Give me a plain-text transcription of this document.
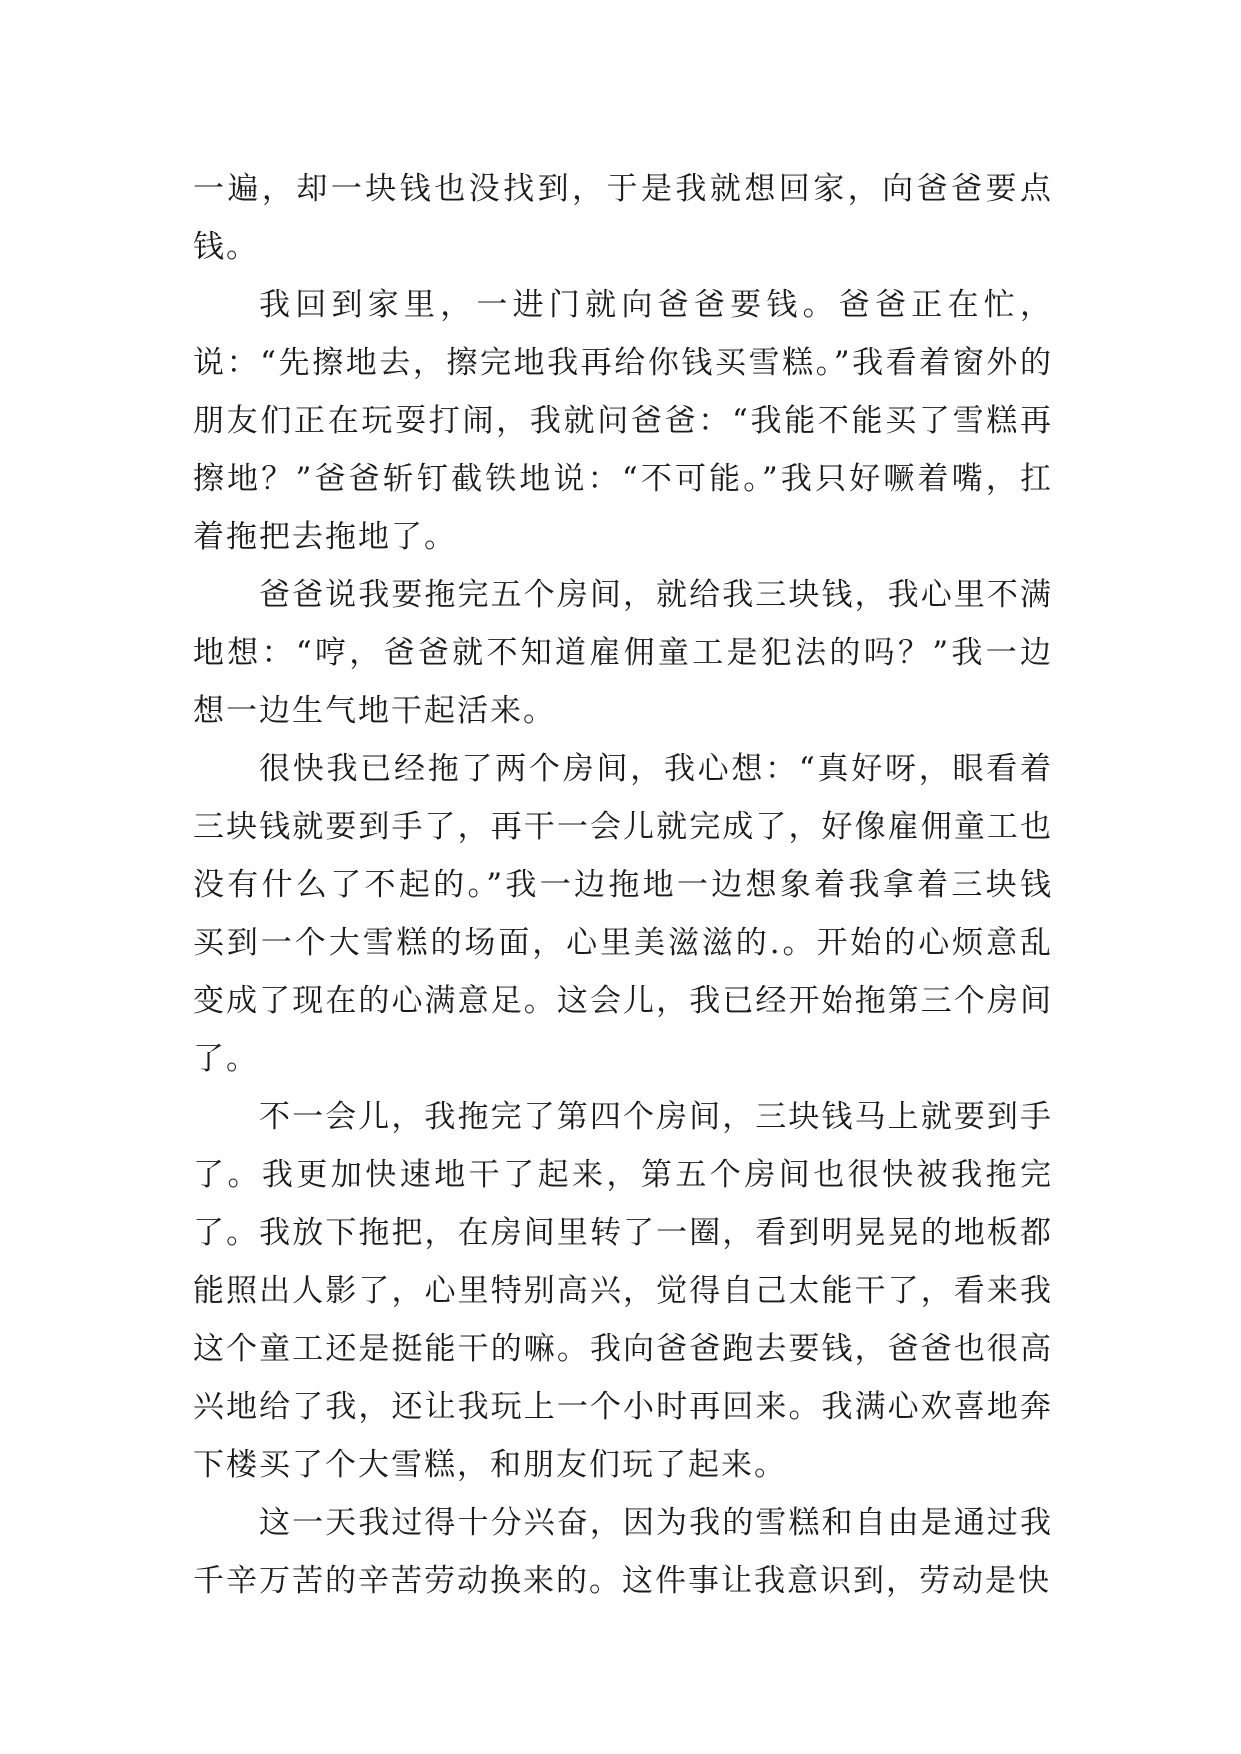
一遍，却一块钱也没找到，于是我就想回家，向爸爸要点钱。

我回到家里，一进门就向爸爸要钱。爸爸正在忙，说：“先擦地去，擦完地我再给你钱买雪糕。”我看着窗外的朋友们正在玩耍打闹，我就问爸爸：“我能不能买了雪糕再擦地？”爸爸斩钉截铁地说：“不可能。”我只好噘着嘴，扛着拖把去拖地了。

爸爸说我要拖完五个房间，就给我三块钱，我心里不满地想：“哼，爸爸就不知道雇佣童工是犯法的吗？”我一边想一边生气地干起活来。

很快我已经拖了两个房间，我心想：“真好呀，眼看着三块钱就要到手了，再干一会儿就完成了，好像雇佣童工也没有什么了不起的。”我一边拖地一边想象着我拿着三块钱买到一个大雪糕的场面，心里美滋滋的.。开始的心烦意乱变成了现在的心满意足。这会儿，我已经开始拖第三个房间了。

不一会儿，我拖完了第四个房间，三块钱马上就要到手了。我更加快速地干了起来，第五个房间也很快被我拖完了。我放下拖把，在房间里转了一圈，看到明晃晃的地板都能照出人影了，心里特别高兴，觉得自己太能干了，看来我这个童工还是挺能干的嘛。我向爸爸跑去要钱，爸爸也很高兴地给了我，还让我玩上一个小时再回来。我满心欢喜地奔下楼买了个大雪糕，和朋友们玩了起来。

这一天我过得十分兴奋，因为我的雪糕和自由是通过我千辛万苦的辛苦劳动换来的。这件事让我意识到，劳动是快
